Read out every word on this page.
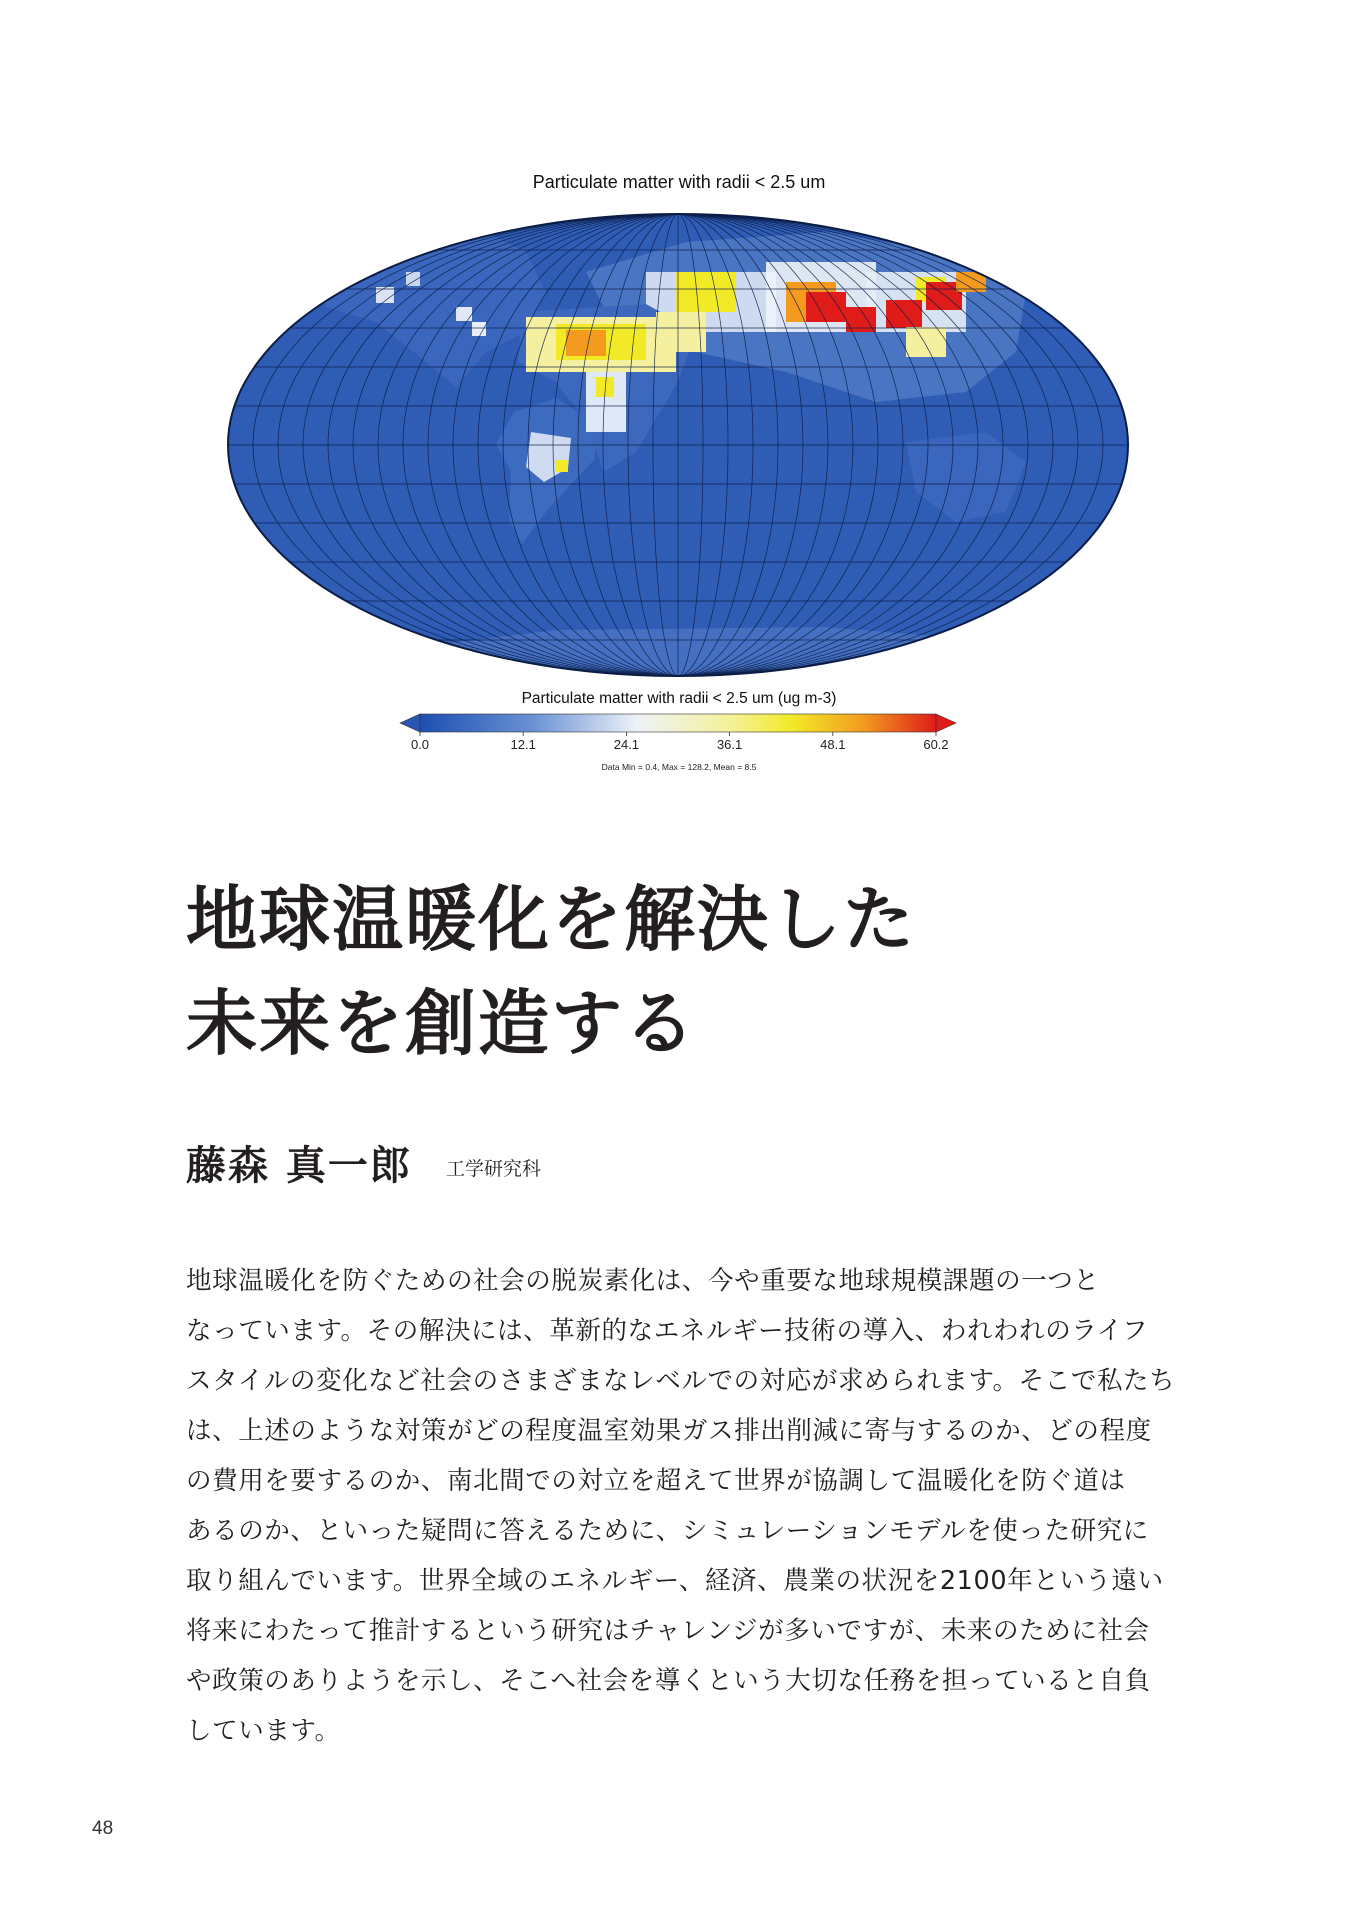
Particulate matter with radii < 2.5 um
Particulate matter with radii < 2.5 um (ug m-3)
0.0	12.1	24.1	36.1	48.1	60.2
Data Min = 0.4, Max = 128.2, Mean = 8.5
地球温暖化を解決した
未来を創造する
藤森 真一郎 工学研究科
地球温暖化を防ぐための社会の脱炭素化は、今や重要な地球規模課題の一つと
なっています。その解決には、革新的なエネルギー技術の導入、われわれのライフ
スタイルの変化など社会のさまざまなレベルでの対応が求められます。そこで私たち
は、上述のような対策がどの程度温室効果ガス排出削減に寄与するのか、どの程度
の費用を要するのか、南北間での対立を超えて世界が協調して温暖化を防ぐ道は
あるのか、といった疑問に答えるために、シミュレーションモデルを使った研究に
取り組んでいます。世界全域のエネルギー、経済、農業の状況を2100年という遠い
将来にわたって推計するという研究はチャレンジが多いですが、未来のために社会
や政策のありようを示し、そこへ社会を導くという大切な任務を担っていると自負
しています。
48
